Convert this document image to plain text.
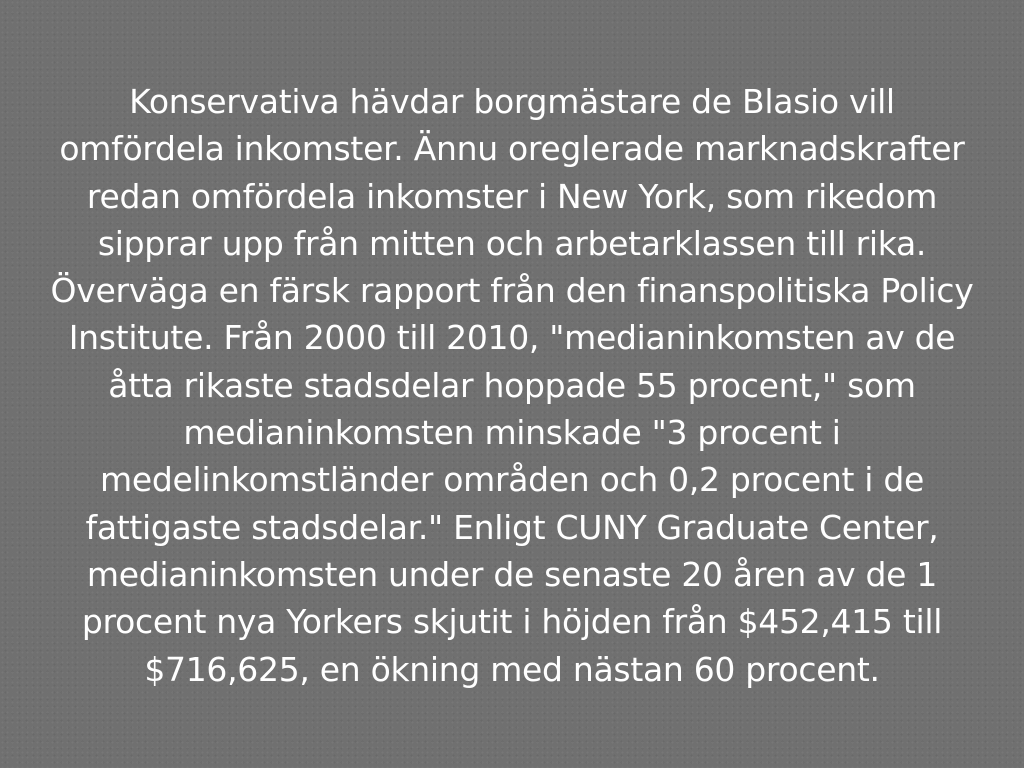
Konservativa hävdar borgmästare de Blasio vill
omfördela inkomster. Ännu oreglerade marknadskrafter
redan omfördela inkomster i New York, som rikedom
sipprar upp från mitten och arbetarklassen till rika.
Överväga en färsk rapport från den finanspolitiska Policy
Institute. Från 2000 till 2010, "medianinkomsten av de
åtta rikaste stadsdelar hoppade 55 procent," som
medianinkomsten minskade "3 procent i
medelinkomstländer områden och 0,2 procent i de
fattigaste stadsdelar." Enligt CUNY Graduate Center,
medianinkomsten under de senaste 20 åren av de 1
procent nya Yorkers skjutit i höjden från $452,415 till
$716,625, en ökning med nästan 60 procent.
